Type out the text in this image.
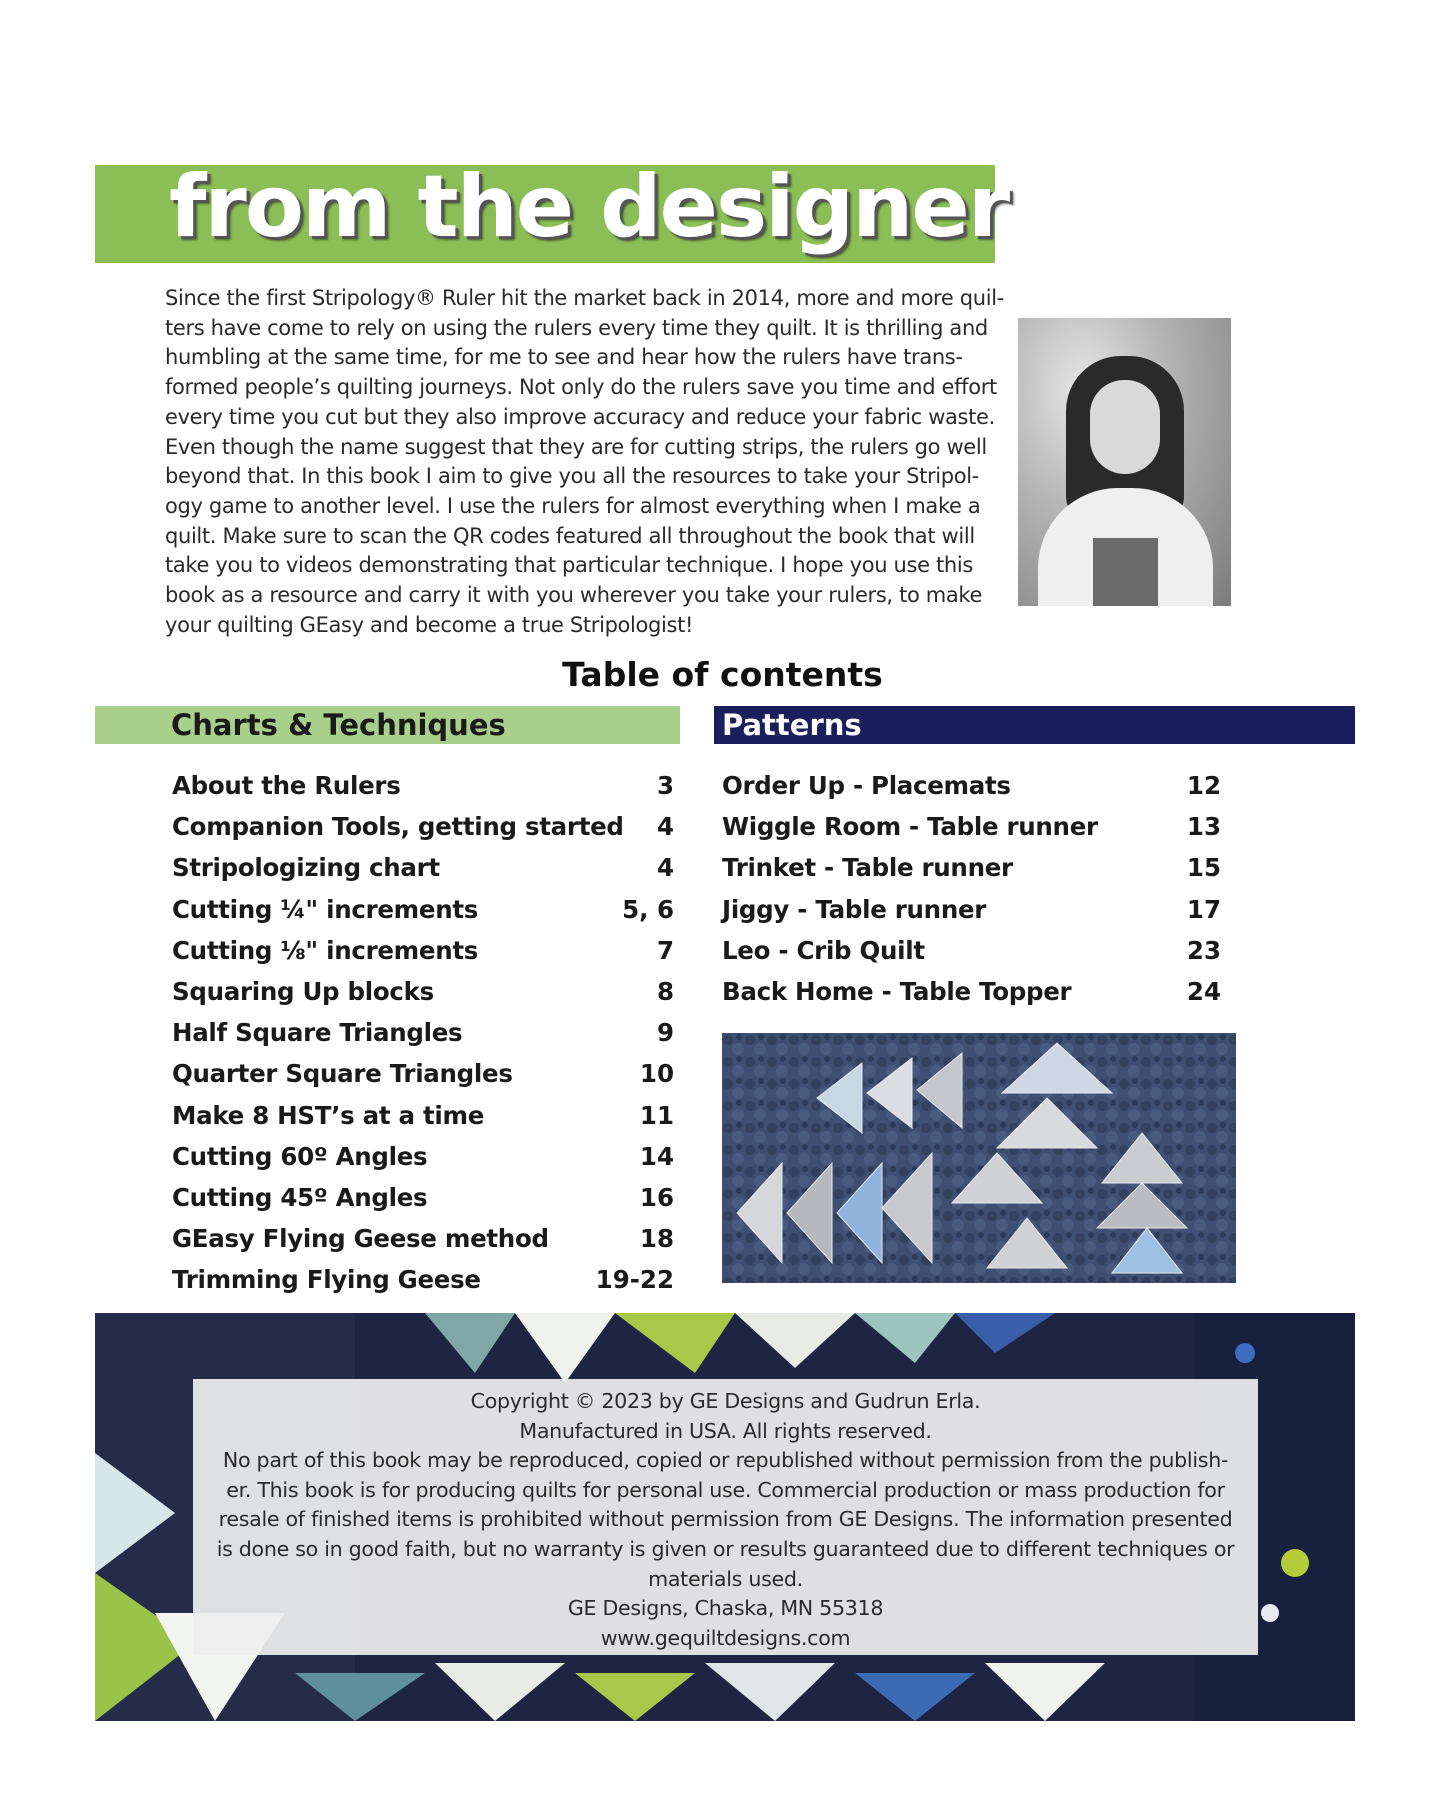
from the designer

Since the first Stripology® Ruler hit the market back in 2014, more and more quil-

ters have come to rely on using the rulers every time they quilt. It is thrilling and

humbling at the same time, for me to see and hear how the rulers have trans-

formed people’s quilting journeys. Not only do the rulers save you time and effort

every time you cut but they also improve accuracy and reduce your fabric waste.

Even though the name suggest that they are for cutting strips, the rulers go well

beyond that. In this book I aim to give you all the resources to take your Stripol-

ogy game to another level. I use the rulers for almost everything when I make a

quilt. Make sure to scan the QR codes featured all throughout the book that will

take you to videos demonstrating that particular technique. I hope you use this

book as a resource and carry it with you wherever you take your rulers, to make

your quilting GEasy and become a true Stripologist!

Table of contents
Charts & Techniques	Patterns
About the Rulers	3
Companion Tools, getting started 4
Stripologizing chart	4
Cutting ¼" increments	5, 6
Cutting ⅛" increments	7
Squaring Up blocks	8
Half Square Triangles	9
Quarter Square Triangles	10
Make 8 HST’s at a time	11
Cutting 60º Angles	14
Cutting 45º Angles	16
GEasy Flying Geese method	18
Trimming Flying Geese	19-22
Order Up - Placemats	12
Wiggle Room - Table runner	13
Trinket - Table runner	15
Jiggy - Table runner	17
Leo - Crib Quilt	23
Back Home - Table Topper	24
Copyright © 2023 by GE Designs and Gudrun Erla.
Manufactured in USA. All rights reserved.
No part of this book may be reproduced, copied or republished without permission from the publish-
er. This book is for producing quilts for personal use. Commercial production or mass production for
resale of finished items is prohibited without permission from GE Designs. The information presented
is done so in good faith, but no warranty is given or results guaranteed due to different techniques or
materials used.
GE Designs, Chaska, MN 55318
www.gequiltdesigns.com
